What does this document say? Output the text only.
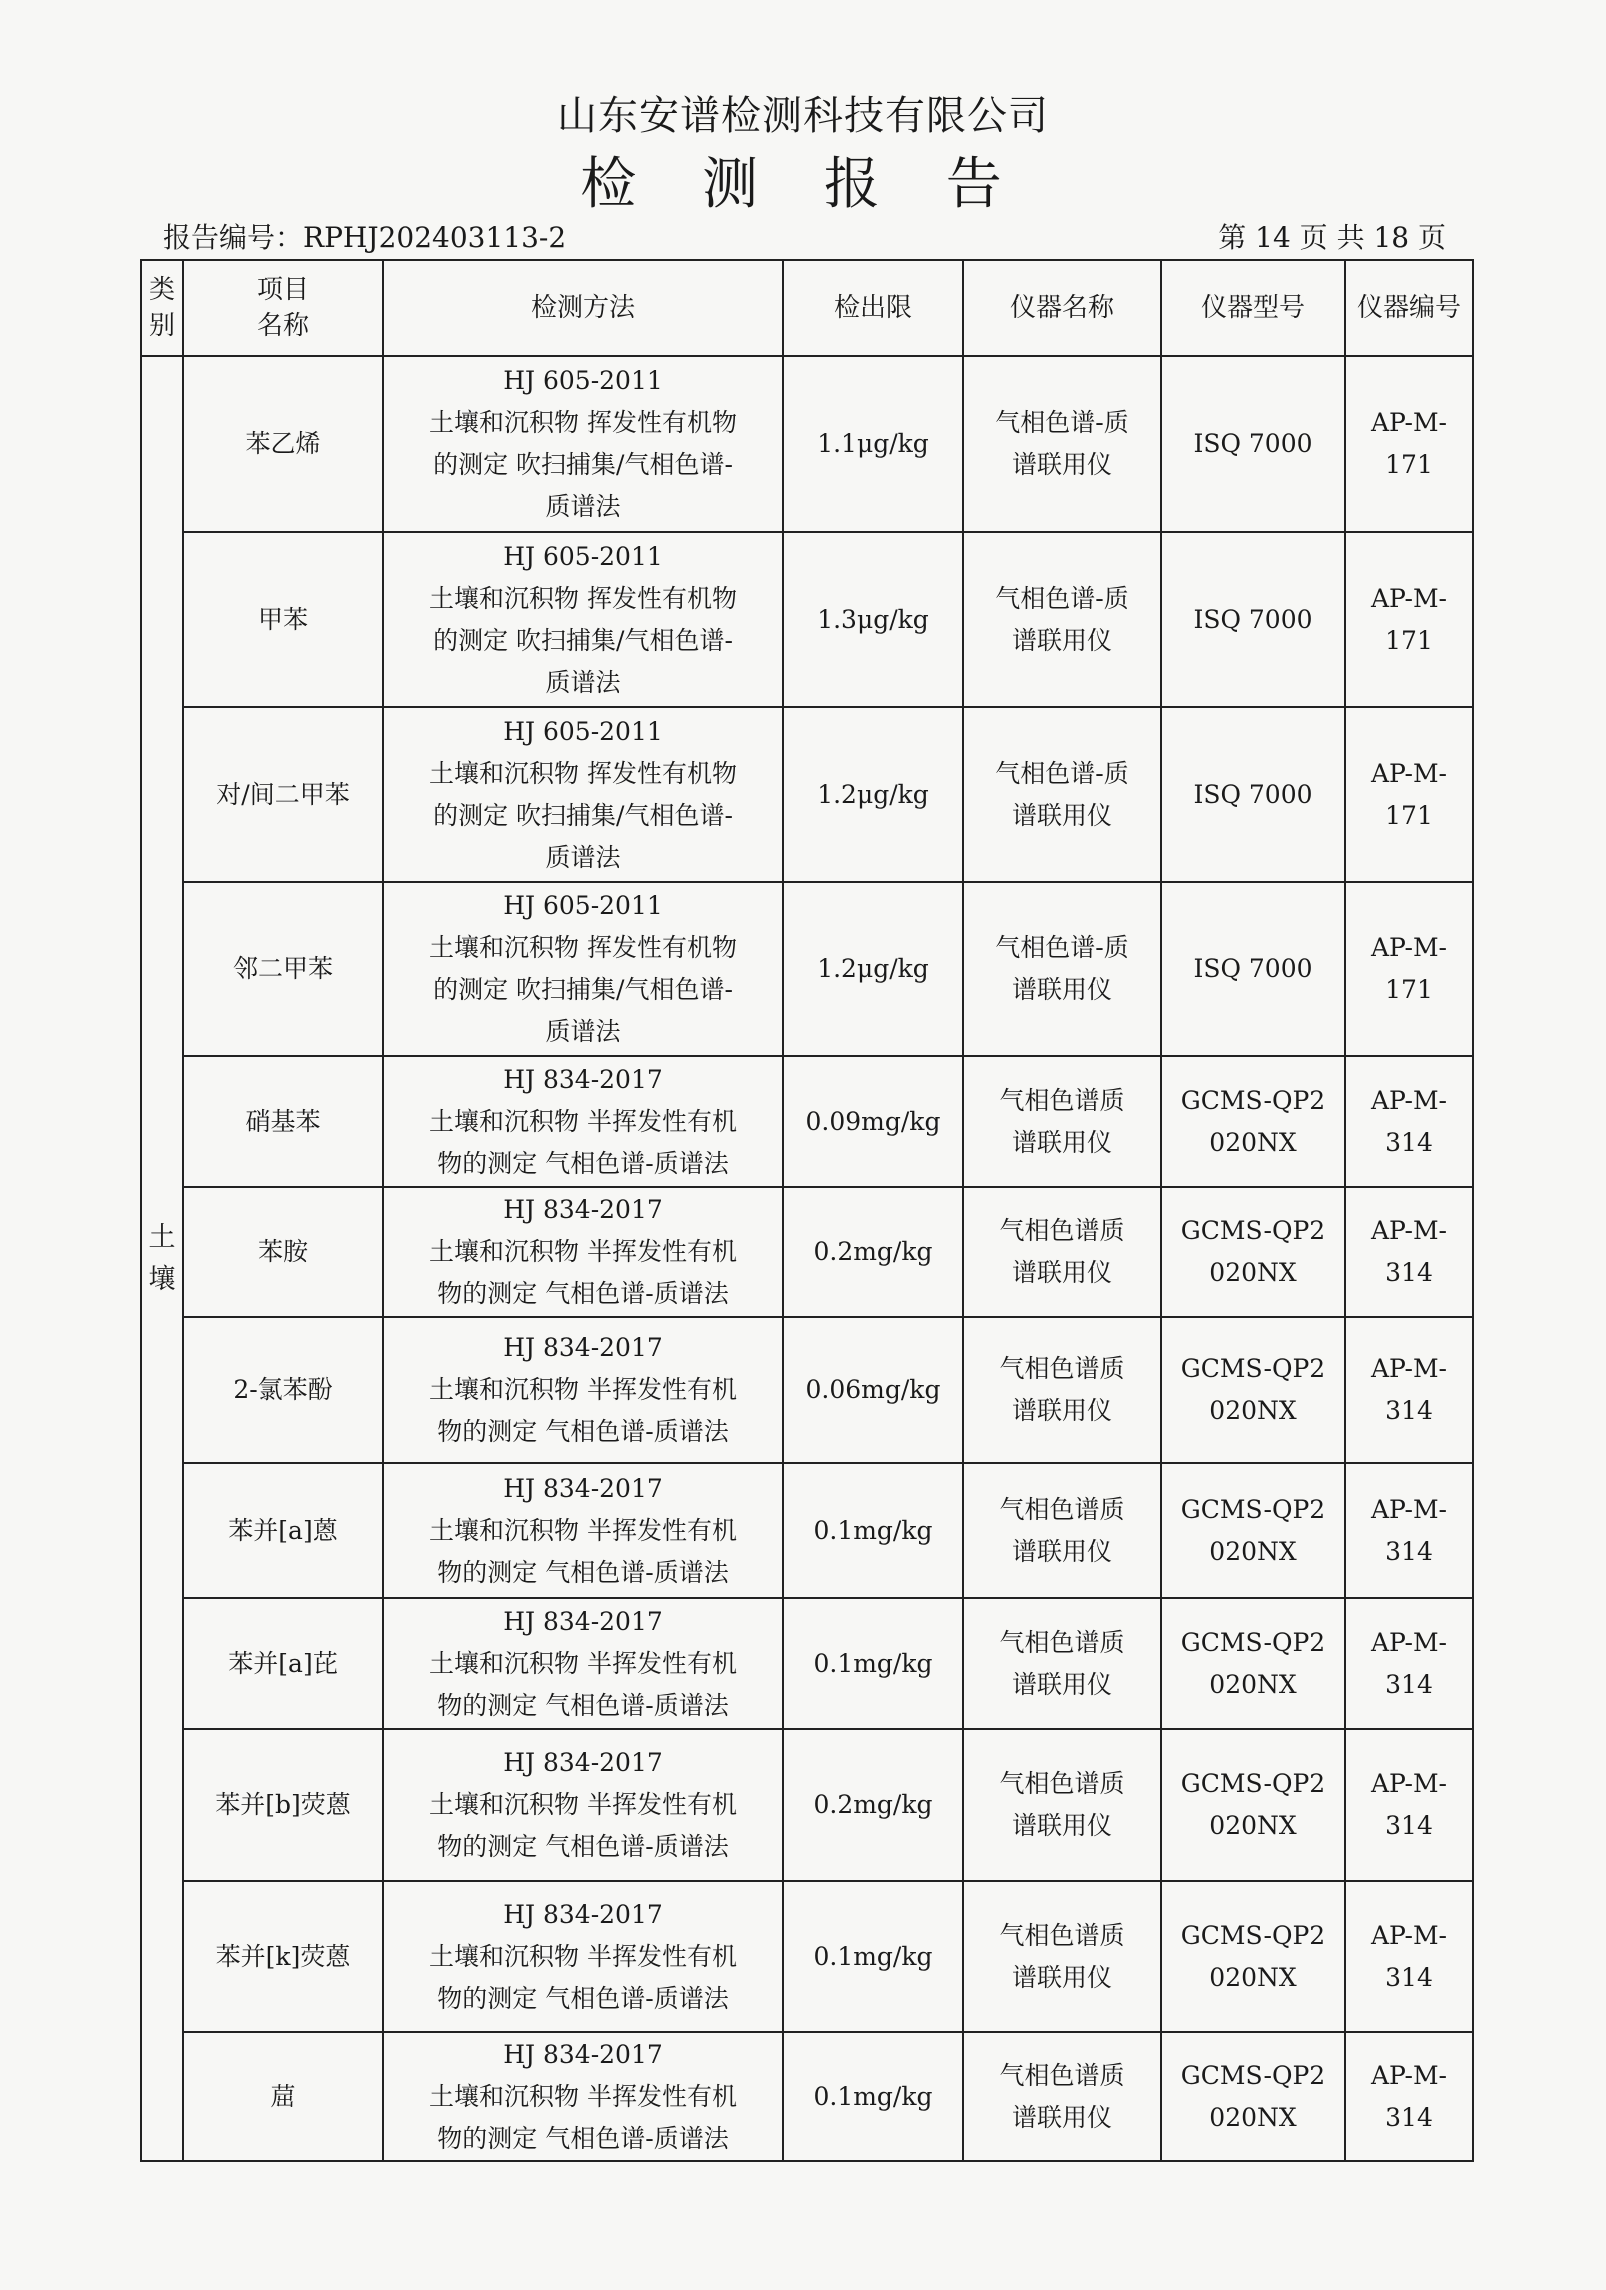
山东安谱检测科技有限公司
检 测 报 告
报告编号：RPHJ202403113-2	第 14 页 共 18 页
类
别	项目
名称	检测方法	检出限	仪器名称	仪器型号	仪器编号

土
壤	苯乙烯	HJ 605-2011
土壤和沉积物 挥发性有机物
的测定 吹扫捕集/气相色谱-
质谱法	1.1μg/kg	气相色谱-质
谱联用仪	ISQ 7000	AP-M-171
	甲苯	HJ 605-2011
土壤和沉积物 挥发性有机物
的测定 吹扫捕集/气相色谱-
质谱法	1.3μg/kg	气相色谱-质
谱联用仪	ISQ 7000	AP-M-171
	对/间二甲苯	HJ 605-2011
土壤和沉积物 挥发性有机物
的测定 吹扫捕集/气相色谱-
质谱法	1.2μg/kg	气相色谱-质
谱联用仪	ISQ 7000	AP-M-171
	邻二甲苯	HJ 605-2011
土壤和沉积物 挥发性有机物
的测定 吹扫捕集/气相色谱-
质谱法	1.2μg/kg	气相色谱-质
谱联用仪	ISQ 7000	AP-M-171
	硝基苯	HJ 834-2017
土壤和沉积物 半挥发性有机
物的测定 气相色谱-质谱法	0.09mg/kg	气相色谱质
谱联用仪	GCMS-QP2
020NX	AP-M-314
	苯胺	HJ 834-2017
土壤和沉积物 半挥发性有机
物的测定 气相色谱-质谱法	0.2mg/kg	气相色谱质
谱联用仪	GCMS-QP2
020NX	AP-M-314
	2-氯苯酚	HJ 834-2017
土壤和沉积物 半挥发性有机
物的测定 气相色谱-质谱法	0.06mg/kg	气相色谱质
谱联用仪	GCMS-QP2
020NX	AP-M-314
	苯并[a]蒽	HJ 834-2017
土壤和沉积物 半挥发性有机
物的测定 气相色谱-质谱法	0.1mg/kg	气相色谱质
谱联用仪	GCMS-QP2
020NX	AP-M-314
	苯并[a]芘	HJ 834-2017
土壤和沉积物 半挥发性有机
物的测定 气相色谱-质谱法	0.1mg/kg	气相色谱质
谱联用仪	GCMS-QP2
020NX	AP-M-314
	苯并[b]荧蒽	HJ 834-2017
土壤和沉积物 半挥发性有机
物的测定 气相色谱-质谱法	0.2mg/kg	气相色谱质
谱联用仪	GCMS-QP2
020NX	AP-M-314
	苯并[k]荧蒽	HJ 834-2017
土壤和沉积物 半挥发性有机
物的测定 气相色谱-质谱法	0.1mg/kg	气相色谱质
谱联用仪	GCMS-QP2
020NX	AP-M-314
	䓛	HJ 834-2017
土壤和沉积物 半挥发性有机
物的测定 气相色谱-质谱法	0.1mg/kg	气相色谱质
谱联用仪	GCMS-QP2
020NX	AP-M-314
